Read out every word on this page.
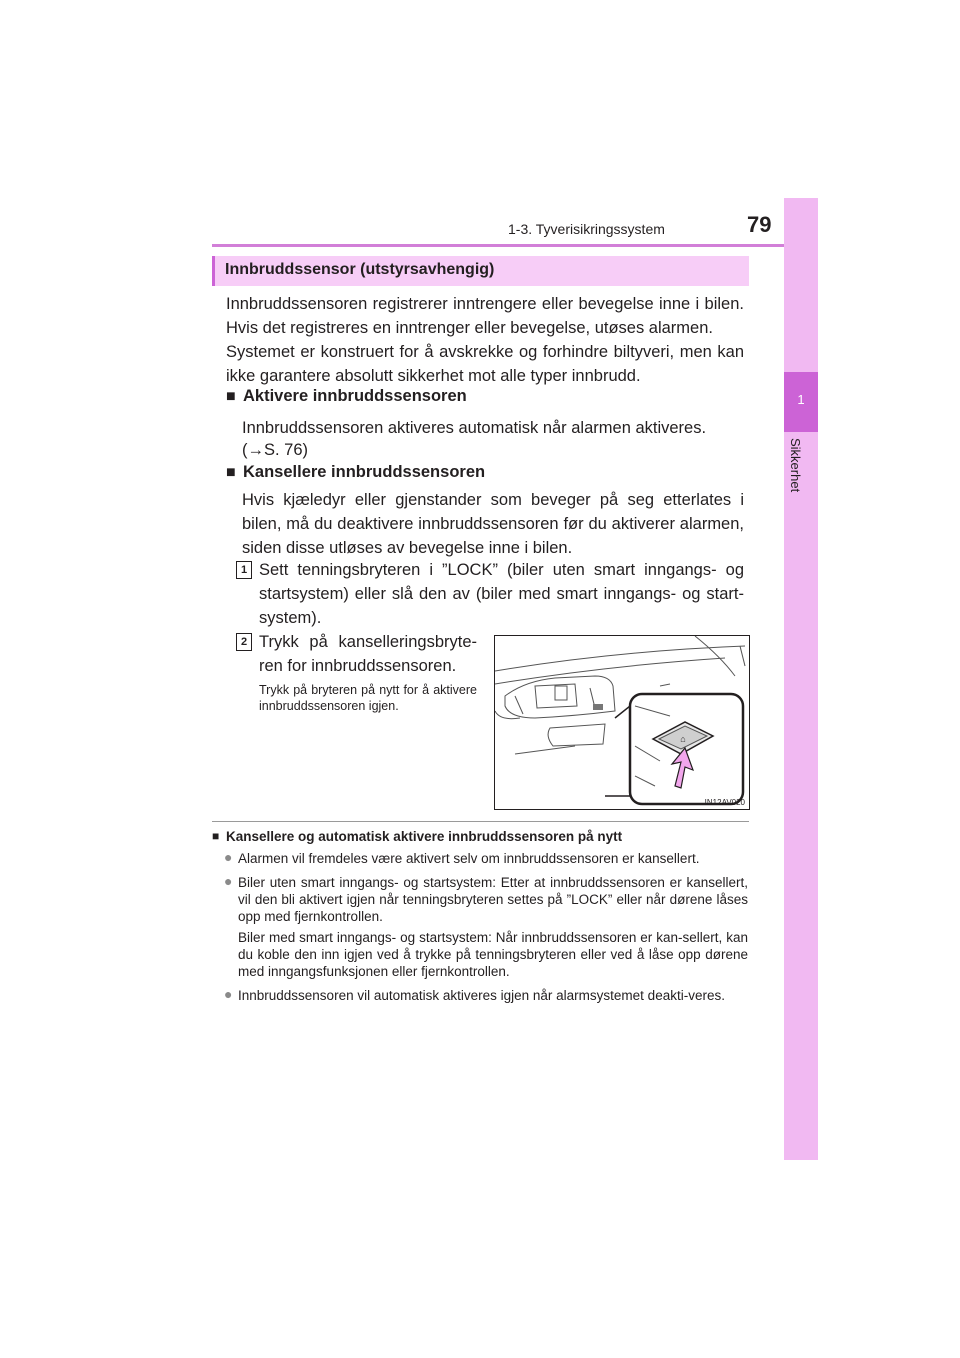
1-3. Tyverisikringssystem	79
1
Sikkerhet
Innbruddssensor (utstyrsavhengig)
Innbruddssensoren registrerer inntrengere eller bevegelse inne i bilen. Hvis det registreres en inntrenger eller bevegelse, utøses alarmen.
Systemet er konstruert for å avskrekke og forhindre biltyveri, men kan ikke garantere absolutt sikkerhet mot alle typer innbrudd.
■ Aktivere innbruddssensoren
Innbruddssensoren aktiveres automatisk når alarmen aktiveres.
(→S. 76)
■ Kansellere innbruddssensoren
Hvis kjæledyr eller gjenstander som beveger på seg etterlates i bilen, må du deaktivere innbruddssensoren før du aktiverer alarmen, siden disse utløses av bevegelse inne i bilen.
1 Sett tenningsbryteren i ”LOCK” (biler uten smart inngangs- og startsystem) eller slå den av (biler med smart inngangs- og start-system).
2 Trykk på kanselleringsbryte-ren for innbruddssensoren.
Trykk på bryteren på nytt for å aktivere innbruddssensoren igjen.
⌂
IN12AV020
■ Kansellere og automatisk aktivere innbruddssensoren på nytt
● Alarmen vil fremdeles være aktivert selv om innbruddssensoren er kansellert.
● Biler uten smart inngangs- og startsystem: Etter at innbruddssensoren er kansellert, vil den bli aktivert igjen når tenningsbryteren settes på ”LOCK” eller når dørene låses opp med fjernkontrollen.
Biler med smart inngangs- og startsystem: Når innbruddssensoren er kan-sellert, kan du koble den inn igjen ved å trykke på tenningsbryteren eller ved å låse opp dørene med inngangsfunksjonen eller fjernkontrollen.
● Innbruddssensoren vil automatisk aktiveres igjen når alarmsystemet deakti-veres.
